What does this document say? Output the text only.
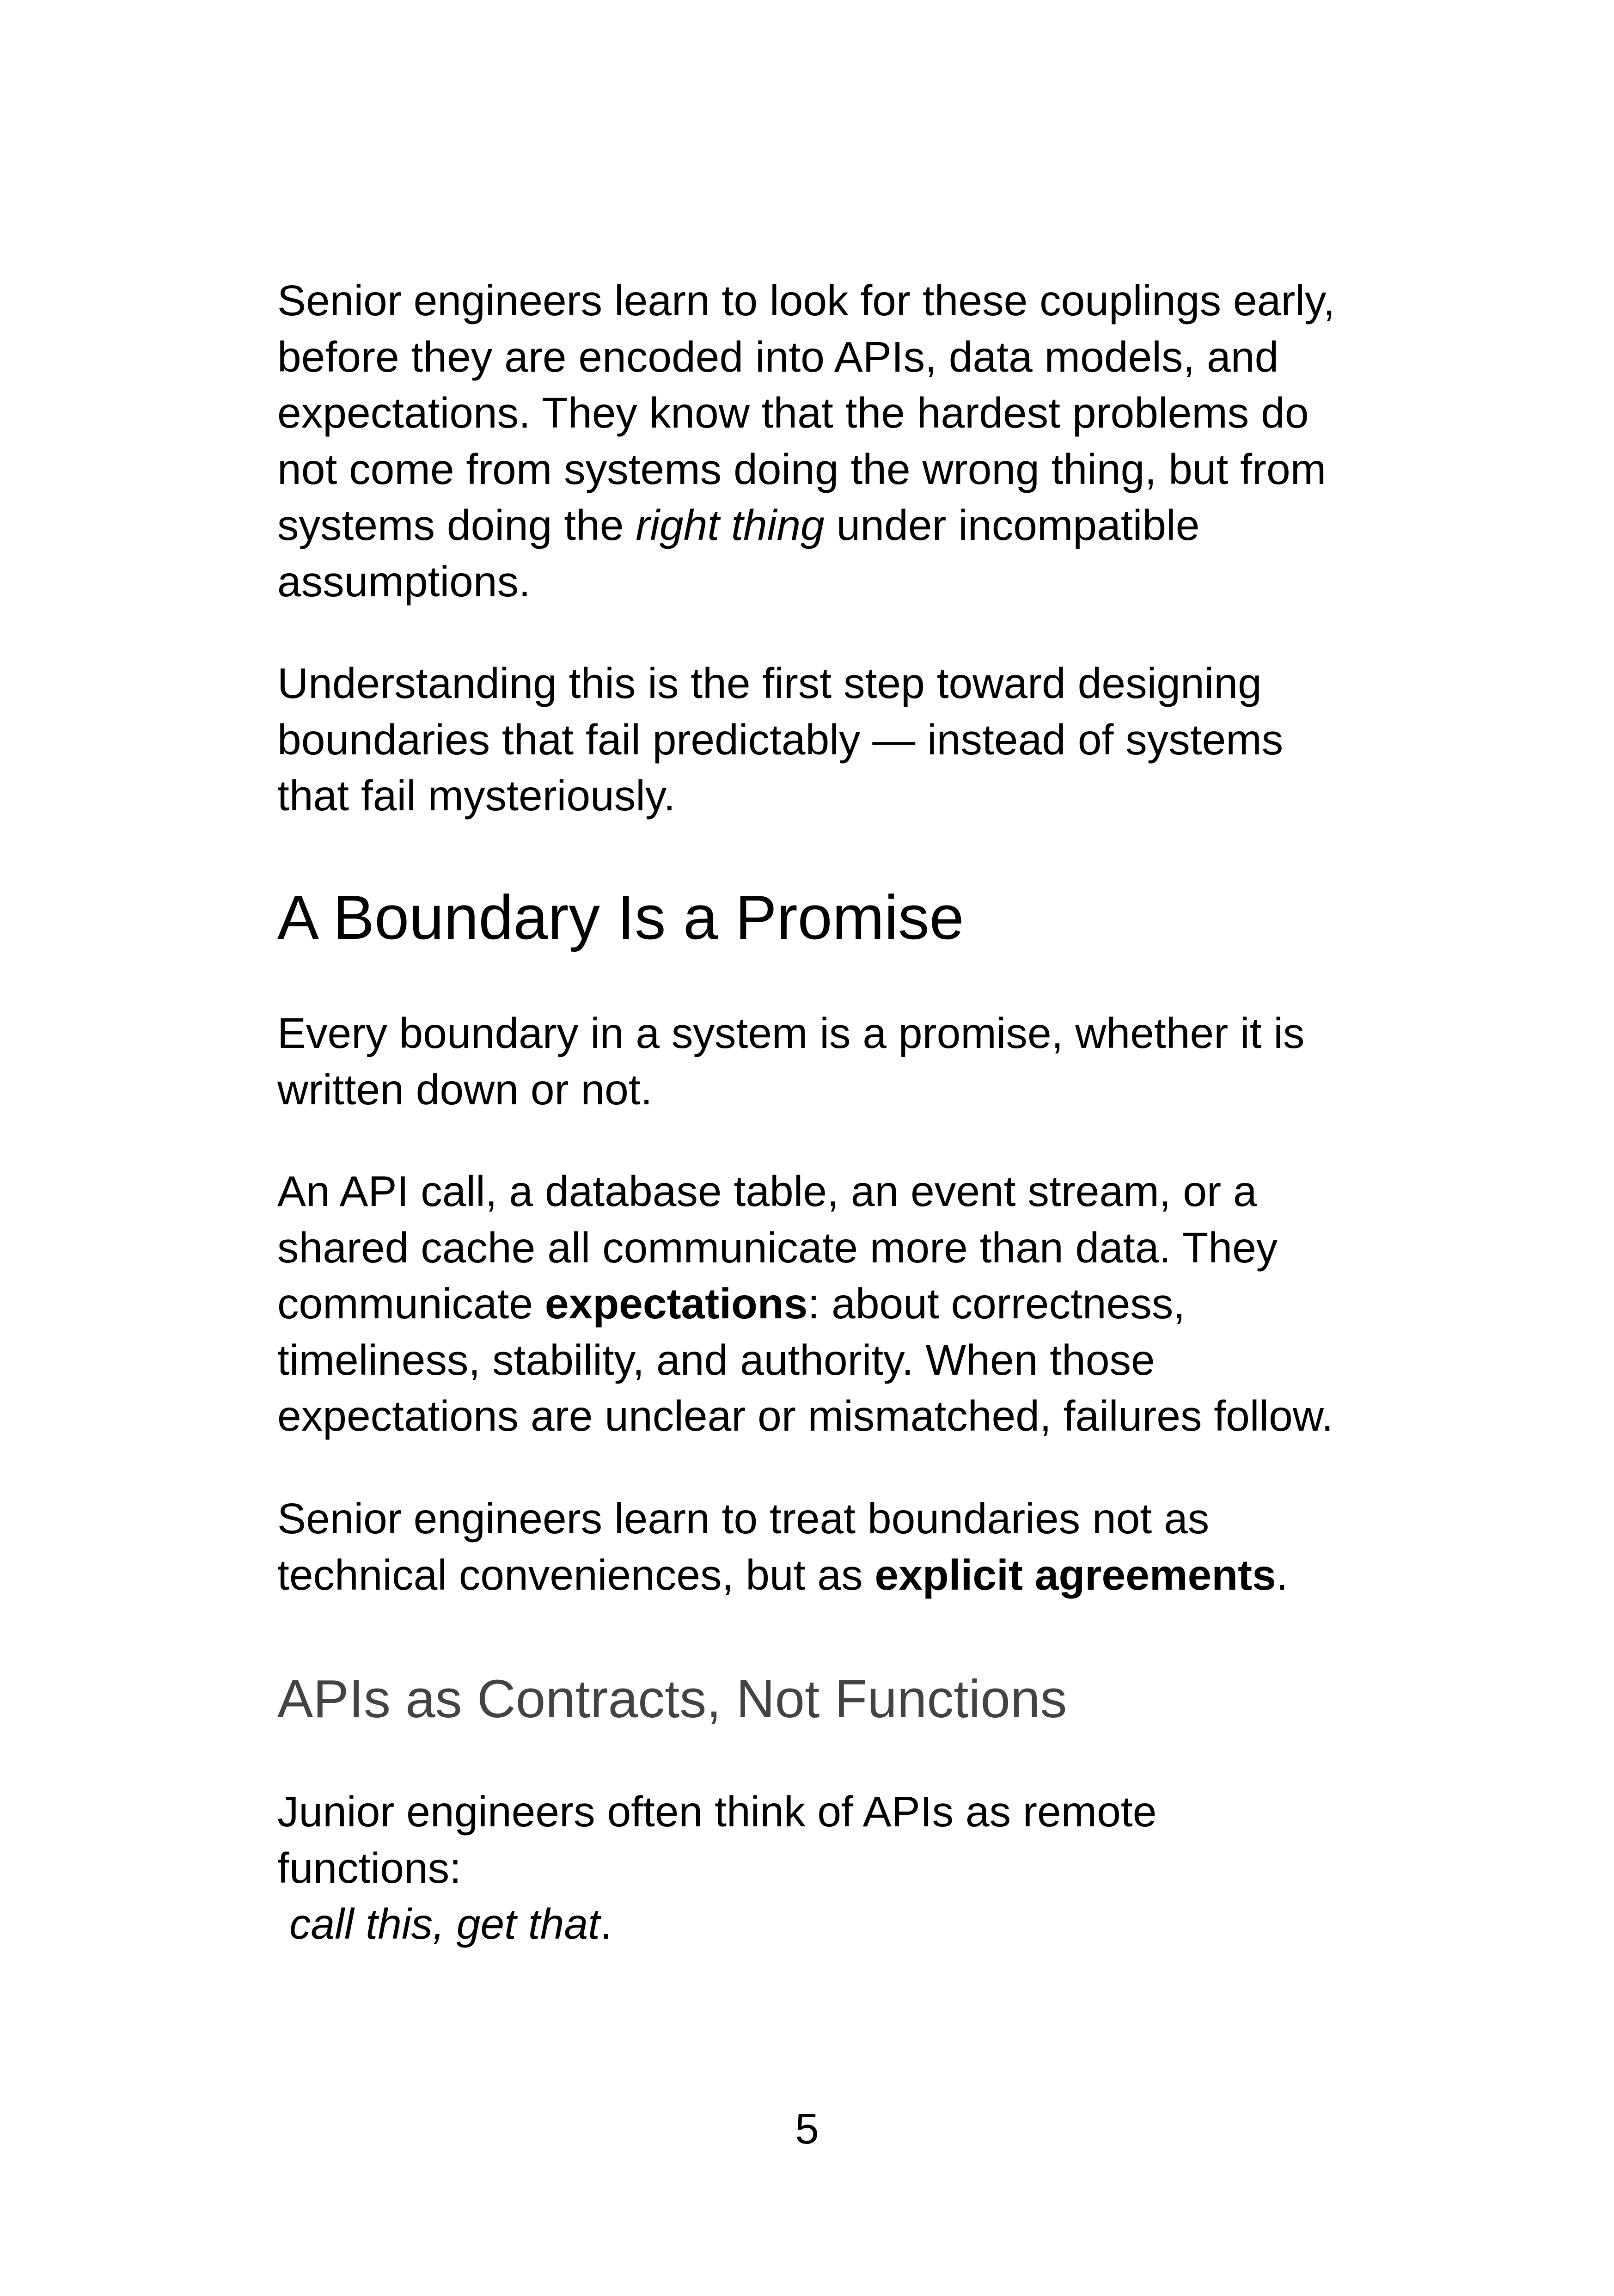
Senior engineers learn to look for these couplings early,
before they are encoded into APIs, data models, and
expectations. They know that the hardest problems do
not come from systems doing the wrong thing, but from
systems doing the right thing under incompatible
assumptions.

Understanding this is the first step toward designing
boundaries that fail predictably — instead of systems
that fail mysteriously.

A Boundary Is a Promise

Every boundary in a system is a promise, whether it is
written down or not.

An API call, a database table, an event stream, or a
shared cache all communicate more than data. They
communicate expectations: about correctness,
timeliness, stability, and authority. When those
expectations are unclear or mismatched, failures follow.

Senior engineers learn to treat boundaries not as
technical conveniences, but as explicit agreements.

APIs as Contracts, Not Functions

Junior engineers often think of APIs as remote
functions:
call this, get that.

5
